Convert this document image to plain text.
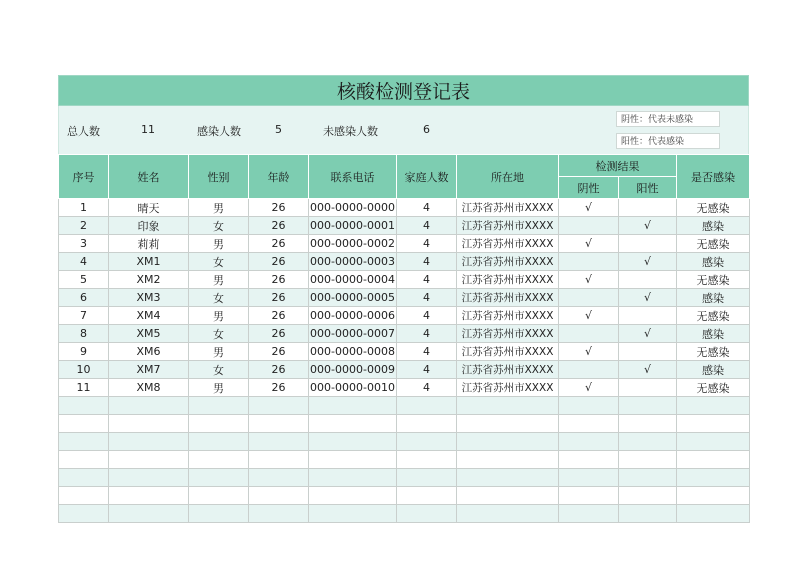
核酸检测登记表
总人数	11	感染人数	5	未感染人数	6
阴性：代表未感染
阳性：代表感染
序号	姓名	性别	年龄	联系电话	家庭人数	所在地	检测结果		是否感染
							阴性	阳性	
1	晴天	男	26	000-0000-0000	4	江苏省苏州市XXXX	√		无感染
2	印象	女	26	000-0000-0001	4	江苏省苏州市XXXX		√	感染
3	莉莉	男	26	000-0000-0002	4	江苏省苏州市XXXX	√		无感染
4	XM1	女	26	000-0000-0003	4	江苏省苏州市XXXX		√	感染
5	XM2	男	26	000-0000-0004	4	江苏省苏州市XXXX	√		无感染
6	XM3	女	26	000-0000-0005	4	江苏省苏州市XXXX		√	感染
7	XM4	男	26	000-0000-0006	4	江苏省苏州市XXXX	√		无感染
8	XM5	女	26	000-0000-0007	4	江苏省苏州市XXXX		√	感染
9	XM6	男	26	000-0000-0008	4	江苏省苏州市XXXX	√		无感染
10	XM7	女	26	000-0000-0009	4	江苏省苏州市XXXX		√	感染
11	XM8	男	26	000-0000-0010	4	江苏省苏州市XXXX	√		无感染
